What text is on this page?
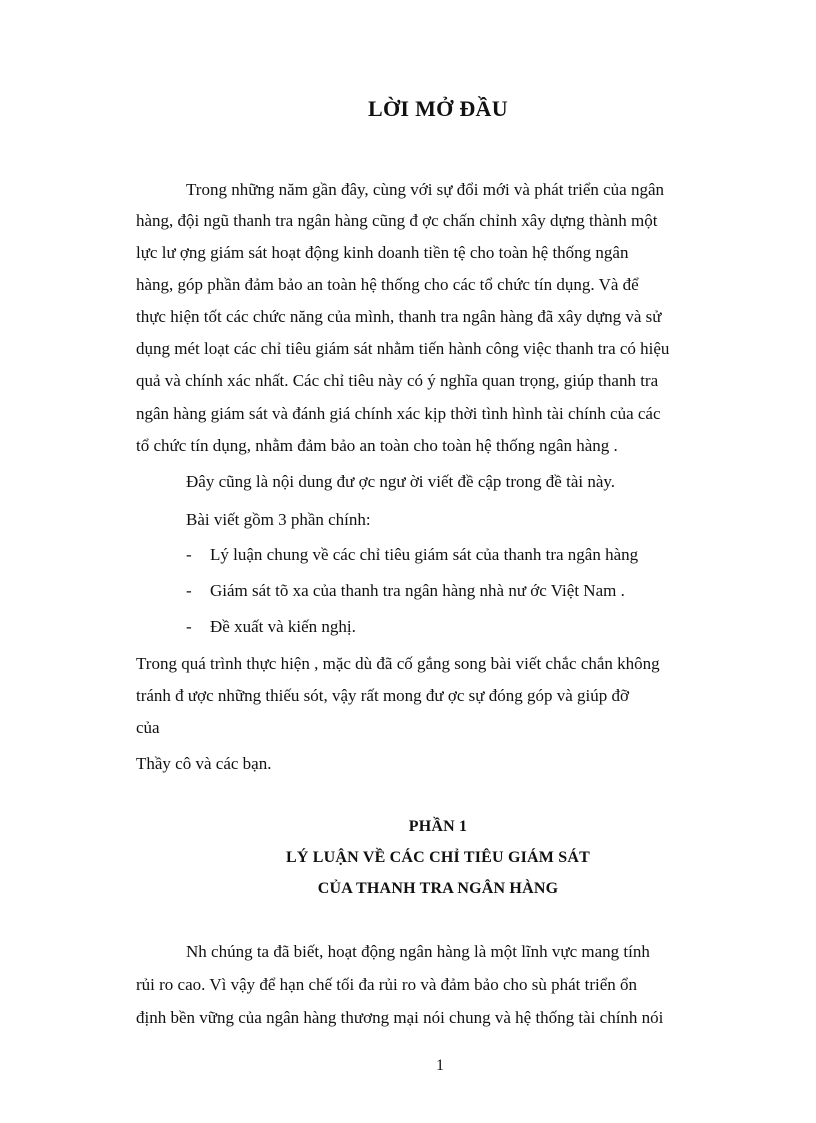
LỜI MỞ ĐẦU
Trong những năm gần đây, cùng với sự đổi mới và phát triển của ngân
hàng, đội ngũ thanh tra ngân hàng cũng đ ợc chấn chỉnh xây dựng thành một
lực lư ợng giám sát hoạt động kinh doanh tiền tệ cho toàn hệ thống ngân
hàng, góp phần đảm bảo an toàn hệ thống cho các tổ chức tín dụng. Và để
thực hiện tốt các chức năng của mình, thanh tra ngân hàng đã xây dựng và sử
dụng mét loạt các chỉ tiêu giám sát nhằm tiến hành công việc thanh tra có hiệu
quả và chính xác nhất. Các chỉ tiêu này có ý nghĩa quan trọng, giúp thanh tra
ngân hàng giám sát và đánh giá chính xác kịp thời tình hình tài chính của các
tổ chức tín dụng, nhằm đảm bảo an toàn cho toàn hệ thống ngân hàng .
Đây cũng là nội dung đư ợc ngư ời viết đề cập trong đề tài này.
Bài viết gồm 3 phần chính:
- Lý luận chung về các chỉ tiêu giám sát của thanh tra ngân hàng
- Giám sát tõ xa của thanh tra ngân hàng nhà nư ớc Việt Nam .
- Đề xuất và kiến nghị.
Trong quá trình thực hiện , mặc dù đã cố gắng song bài viết chắc chắn không
tránh đ ược những thiếu sót, vậy rất mong đư ợc sự đóng góp và giúp đỡ
của
Thầy cô và các bạn.
PHẦN 1
LÝ LUẬN VỀ CÁC CHỈ TIÊU GIÁM SÁT
CỦA THANH TRA NGÂN HÀNG
Nh chúng ta đã biết, hoạt động ngân hàng là một lĩnh vực mang tính
rủi ro cao. Vì vậy để hạn chế tối đa rủi ro và đảm bảo cho sù phát triển ổn
định bền vững của ngân hàng thương mại nói chung và hệ thống tài chính nói
1
